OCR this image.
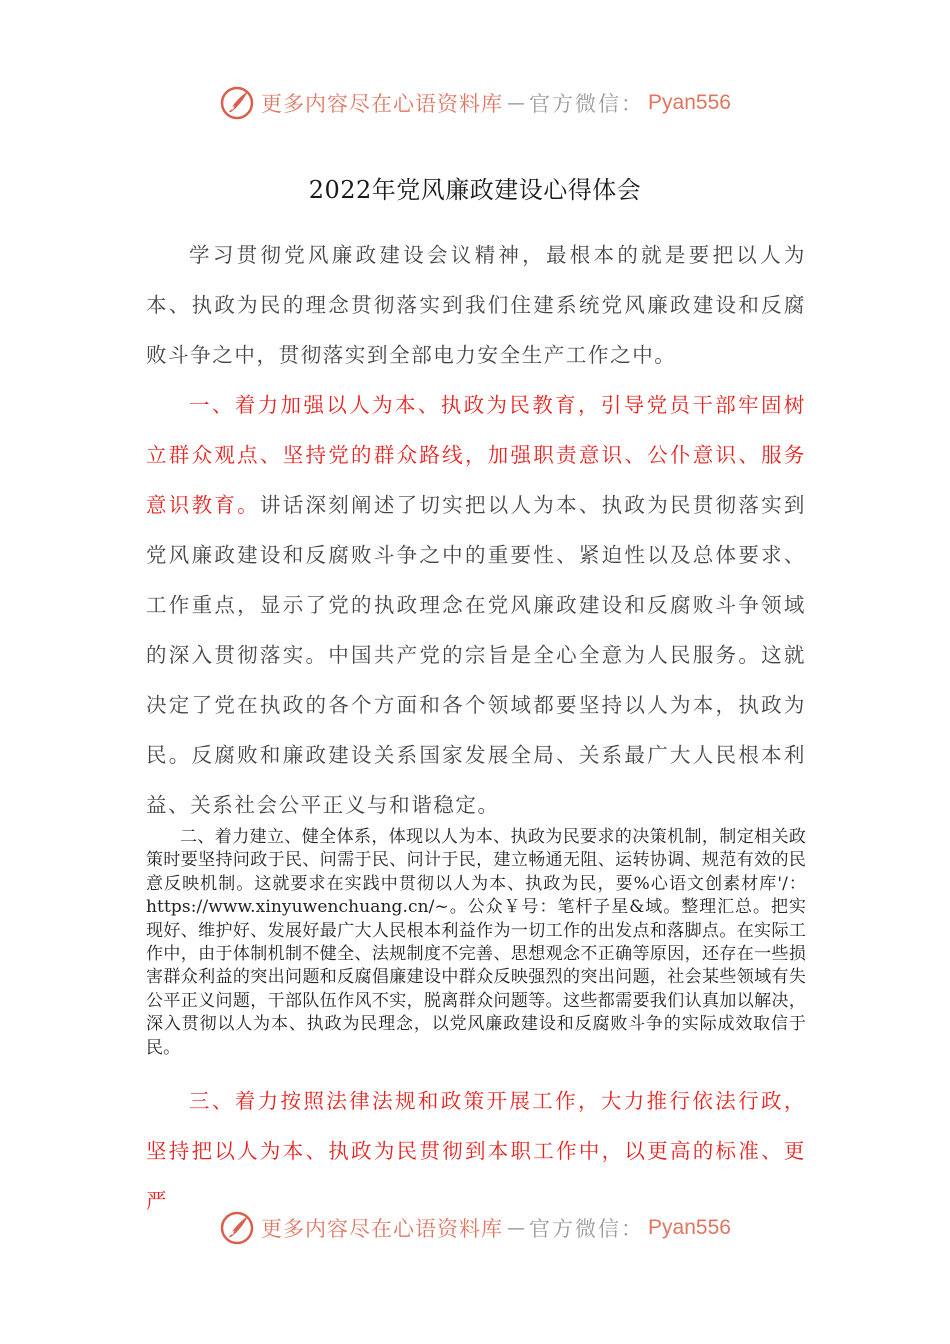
更多内容尽在心语资料库 — 官方微信： Pyan556
2022年党风廉政建设心得体会

学习贯彻党风廉政建设会议精神，最根本的就是要把以人为本、执政为民的理念贯彻落实到我们住建系统党风廉政建设和反腐败斗争之中，贯彻落实到全部电力安全生产工作之中。

一、着力加强以人为本、执政为民教育，引导党员干部牢固树立群众观点、坚持党的群众路线，加强职责意识、公仆意识、服务意识教育。讲话深刻阐述了切实把以人为本、执政为民贯彻落实到党风廉政建设和反腐败斗争之中的重要性、紧迫性以及总体要求、工作重点，显示了党的执政理念在党风廉政建设和反腐败斗争领域的深入贯彻落实。中国共产党的宗旨是全心全意为人民服务。这就决定了党在执政的各个方面和各个领域都要坚持以人为本，执政为民。反腐败和廉政建设关系国家发展全局、关系最广大人民根本利益、关系社会公平正义与和谐稳定。

二、着力建立、健全体系，体现以人为本、执政为民要求的决策机制，制定相关政策时要坚持问政于民、问需于民、问计于民，建立畅通无阻、运转协调、规范有效的民意反映机制。这就要求在实践中贯彻以人为本、执政为民，要%心语文创素材库'/：https://www.xinyuwenchuang.cn/~。公众￥号：笔杆子星&域。整理汇总。把实现好、维护好、发展好最广大人民根本利益作为一切工作的出发点和落脚点。在实际工作中，由于体制机制不健全、法规制度不完善、思想观念不正确等原因，还存在一些损害群众利益的突出问题和反腐倡廉建设中群众反映强烈的突出问题，社会某些领域有失公平正义问题，干部队伍作风不实，脱离群众问题等。这些都需要我们认真加以解决，深入贯彻以人为本、执政为民理念，以党风廉政建设和反腐败斗争的实际成效取信于民。

三、着力按照法律法规和政策开展工作，大力推行依法行政，坚持把以人为本、执政为民贯彻到本职工作中，以更高的标准、更严

更多内容尽在心语资料库 — 官方微信： Pyan556
